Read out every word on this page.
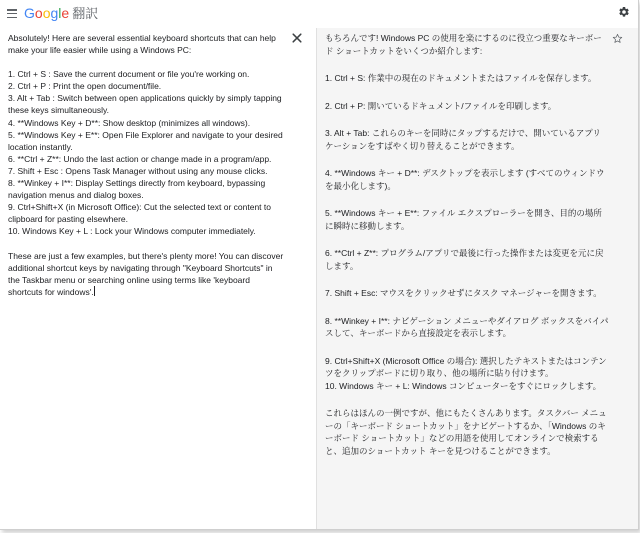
Google 翻訳

Absolutely! Here are several essential keyboard shortcuts that can help make your life easier while using a Windows PC:

1. Ctrl + S : Save the current document or file you're working on.

2. Ctrl + P : Print the open document/file.

3. Alt + Tab : Switch between open applications quickly by simply tapping these keys simultaneously.

4. **Windows Key + D**: Show desktop (minimizes all windows).

5. **Windows Key + E**: Open File Explorer and navigate to your desired location instantly.

6. **Ctrl + Z**: Undo the last action or change made in a program/app.

7. Shift + Esc : Opens Task Manager without using any mouse clicks.

8. **Winkey + I**: Display Settings directly from keyboard, bypassing navigation menus and dialog boxes.

9. Ctrl+Shift+X (in Microsoft Office): Cut the selected text or content to clipboard for pasting elsewhere.

10. Windows Key + L : Lock your Windows computer immediately.

These are just a few examples, but there's plenty more! You can discover additional shortcut keys by navigating through "Keyboard Shortcuts" in the Taskbar menu or searching online using terms like 'keyboard shortcuts for windows'.

もちろんです! Windows PC の使用を楽にするのに役立つ重要なキーボード ショートカットをいくつか紹介します:

1. Ctrl + S: 作業中の現在のドキュメントまたはファイルを保存します。

2. Ctrl + P: 開いているドキュメント/ファイルを印刷します。

3. Alt + Tab: これらのキーを同時にタップするだけで、開いているアプリケーションをすばやく切り替えることができます。

4. **Windows キー + D**: デスクトップを表示します (すべてのウィンドウを最小化します)。

5. **Windows キー + E**: ファイル エクスプローラーを開き、目的の場所に瞬時に移動します。

6. **Ctrl + Z**: プログラム/アプリで最後に行った操作または変更を元に戻します。

7. Shift + Esc: マウスをクリックせずにタスク マネージャーを開きます。

8. **Winkey + I**: ナビゲーション メニューやダイアログ ボックスをバイパスして、キーボードから直接設定を表示します。

9. Ctrl+Shift+X (Microsoft Office の場合): 選択したテキストまたはコンテンツをクリップボードに切り取り、他の場所に貼り付けます。

10. Windows キー + L: Windows コンピューターをすぐにロックします。

これらはほんの一例ですが、他にもたくさんあります。タスクバー メニューの「キーボード ショートカット」をナビゲートするか、「Windows のキーボード ショートカット」などの用語を使用してオンラインで検索すると、追加のショートカット キーを見つけることができます。
